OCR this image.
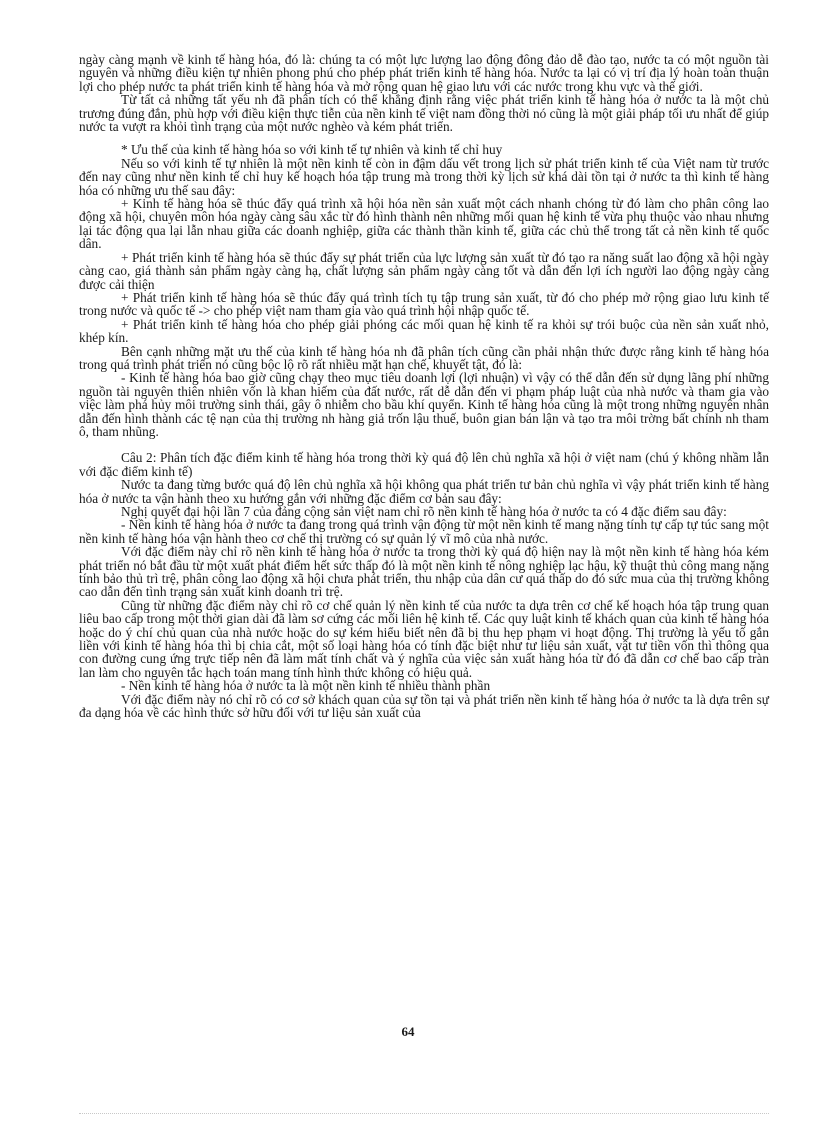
ngày càng mạnh về kinh tế hàng hóa, đó là: chúng ta có một lực lượng lao động đông đảo dễ đào tạo, nước ta có một nguồn tài nguyên và những điều kiện tự nhiên phong phú cho phép phát triển kinh tế hàng hóa. Nước ta lại có vị trí địa lý hoàn toàn thuận lợi cho phép nước ta phát triển kinh tế hàng hóa và mở rộng quan hệ giao lưu với các nước trong khu vực và thế giới.

Từ tất cả những tất yếu nh đã phân tích có thể khẳng định rằng việc phát triển kinh tế hàng hóa ở nước ta là một chủ trương đúng đắn, phù hợp với điều kiện thực tiễn của nền kinh tế việt nam đồng thời nó cũng là một giải pháp tối ưu nhất để giúp nước ta vượt ra khỏi tình trạng của một nước nghèo và kém phát triển.

* Ưu thế của kinh tế hàng hóa so với kinh tế tự nhiên và kinh tế chỉ huy

Nếu so với kinh tế tự nhiên là một nền kinh tế còn in đậm dấu vết trong lịch sử phát triển kinh tế của Việt nam từ trước đến nay cũng như nền kinh tế chỉ huy kế hoạch hóa tập trung mà trong thời kỳ lịch sử khá dài tồn tại ở nước ta thì kinh tế hàng hóa có những ưu thế sau đây:

+ Kinh tế hàng hóa sẽ thúc đẩy quá trình xã hội hóa nền sản xuất một cách nhanh chóng từ đó làm cho phân công lao động xã hội, chuyên môn hóa ngày càng sâu xắc từ đó hình thành nên những mối quan hệ kinh tế vừa phụ thuộc vào nhau nhưng lại tác động qua lại lẫn nhau giữa các doanh nghiệp, giữa các thành thần kinh tế, giữa các chủ thể trong tất cả nền kinh tế quốc dân.

+ Phát triển kinh tế hàng hóa sẽ thúc đẩy sự phát triển của lực lượng sản xuất từ đó tạo ra năng suất lao động xã hội ngày càng cao, giá thành sản phẩm ngày càng hạ, chất lượng sản phẩm ngày càng tốt và dẫn đến lợi ích người lao động ngày càng được cải thiện

+ Phát triển kinh tế hàng hóa sẽ thúc đẩy quá trình tích tụ tập trung sản xuất, từ đó cho phép mở rộng giao lưu kinh tế trong nước và quốc tế -> cho phép việt nam tham gia vào quá trình hội nhập quốc tế.

+ Phát triển kinh tế hàng hóa cho phép giải phóng các mối quan hệ kinh tế ra khỏi sự trói buộc của nền sản xuất nhỏ, khép kín.

Bên cạnh những mặt ưu thế của kinh tế hàng hóa nh đã phân tích cũng cần phải nhận thức được rằng kinh tế hàng hóa trong quá trình phát triển nó cũng bộc lộ rõ rất nhiều mặt hạn chế, khuyết tật, đó là:

- Kinh tế hàng hóa bao giờ cũng chạy theo mục tiêu doanh lợi (lợi nhuận) vì vậy có thể dẫn đến sử dụng lãng phí những nguồn tài nguyên thiên nhiên vốn là khan hiếm của đất nước, rất dễ dẫn đến vi phạm pháp luật của nhà nước và tham gia vào việc làm phá hủy môi trường sinh thái, gây ô nhiễm cho bầu khí quyển. Kinh tế hàng hóa cũng là một trong những nguyên nhân dẫn đến hình thành các tệ nạn của thị trường nh hàng giả trốn lậu thuế, buôn gian bán lận và tạo tra môi trờng bất chính nh tham ô, tham nhũng.

Câu 2: Phân tích đặc điểm kinh tế hàng hóa trong thời kỳ quá độ lên chủ nghĩa xã hội ở việt nam (chú ý không nhầm lẫn với đặc điểm kinh tế)

Nước ta đang từng bước quá độ lên chủ nghĩa xã hội không qua phát triển tư bản chủ nghĩa vì vậy phát triển kinh tế hàng hóa ở nước ta vận hành theo xu hướng gắn với những đặc điểm cơ bản sau đây:

Nghị quyết đại hội lần 7 của đảng cộng sản việt nam chỉ rõ nền kinh tế hàng hóa ở nước ta có 4 đặc điểm sau đây:

- Nền kinh tế hàng hóa ở nước ta đang trong quá trình vận động từ một nền kinh tế mang nặng tính tự cấp tự túc sang một nền kinh tế hàng hóa vận hành theo cơ chế thị trường có sự quản lý vĩ mô của nhà nước.

Với đặc điểm này chỉ rõ nền kinh tế hàng hóa ở nước ta trong thời kỳ quá độ hiện nay là một nền kinh tế hàng hóa kém phát triển nó bắt đầu từ một xuất phát điểm hết sức thấp đó là một nền kinh tế nông nghiệp lạc hậu, kỹ thuật thủ công mang nặng tính bảo thủ trì trệ, phân công lao động xã hội chưa phát triển, thu nhập của dân cư quá thấp do đó sức mua của thị trường không cao dẫn đến tình trạng sản xuất kinh doanh trì trệ.

Cũng từ những đặc điểm này chỉ rõ cơ chế quản lý nền kinh tế của nước ta dựa trên cơ chế kế hoạch hóa tập trung quan liêu bao cấp trong một thời gian dài đã làm sơ cứng các mối liên hệ kinh tế. Các quy luật kinh tế khách quan của kinh tế hàng hóa hoặc do ý chí chủ quan của nhà nước hoặc do sự kém hiểu biết nên đã bị thu hẹp phạm vi hoạt động. Thị trường là yếu tố gắn liền với kinh tế hàng hóa thì bị chia cắt, một số loại hàng hóa có tính đặc biệt như tư liệu sản xuất, vật tư tiền vốn thì thông qua con đường cung ứng trực tiếp nên đã làm mất tính chất và ý nghĩa của việc sản xuất hàng hóa từ đó đã dẫn cơ chế bao cấp tràn lan làm cho nguyên tắc hạch toán mang tính hình thức không có hiệu quả.

- Nền kinh tế hàng hóa ở nước ta là một nền kinh tế nhiều thành phần

Với đặc điểm này nó chỉ rõ có cơ sở khách quan của sự tồn tại và phát triển nền kinh tế hàng hóa ở nước ta là dựa trên sự đa dạng hóa về các hình thức sở hữu đối với tư liệu sản xuất của

64
